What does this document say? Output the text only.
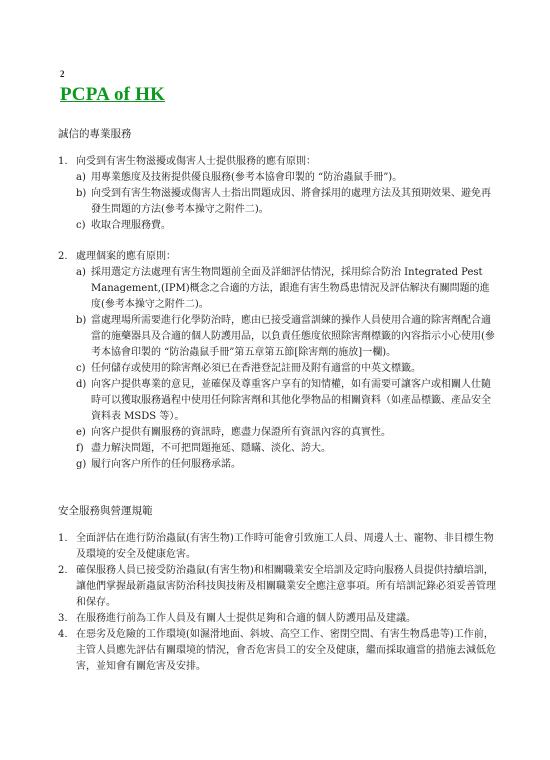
2
PCPA of HK
誠信的專業服務
1. 向受到有害生物滋擾或傷害人士提供服務的應有原則：
a) 用專業態度及技術提供優良服務(參考本協會印製的 “防治蟲鼠手冊”)。
b) 向受到有害生物滋擾或傷害人士指出問題成因、將會採用的處理方法及其預期效果、避免再發生問題的方法(參考本操守之附件二)。
c) 收取合理服務費。
2. 處理個案的應有原則：
a) 採用選定方法處理有害生物問題前全面及詳細評估情況，採用綜合防治 Integrated Pest Management,(IPM)概念之合適的方法，跟進有害生物爲患情況及評估解決有關問題的進度(參考本操守之附件二)。
b) 當處理場所需要進行化學防治時，應由已接受適當訓練的操作人員使用合適的除害劑配合適當的施藥器具及合適的個人防護用品，以負責任態度依照除害劑標籤的內容指示小心使用(參考本協會印製的 “防治蟲鼠手冊”第五章第五節[除害劑的施放]一欄)。
c) 任何儲存或使用的除害劑必須已在香港登記註冊及附有適當的中英文標籤。
d) 向客户提供專業的意見，並確保及尊重客户享有的知情權，如有需要可讓客户或相關人仕隨時可以獲取服務過程中使用任何除害劑和其他化學物品的相關資料（如產品標籤、產品安全資料表 MSDS 等）。
e) 向客户提供有關服務的資訊時，應盡力保證所有資訊內容的真實性。
f) 盡力解決問題，不可把問題拖延、隱瞞、淡化、誇大。
g) 履行向客户所作的任何服務承諾。
安全服務與營運規範
1. 全面評估在進行防治蟲鼠(有害生物)工作時可能會引致施工人員、周邊人士、寵物、非目標生物及環境的安全及健康危害。
2. 確保服務人員已接受防治蟲鼠(有害生物)和相關職業安全培訓及定時向服務人員提供持續培訓，讓他們掌握最新蟲鼠害防治科技與技術及相關職業安全應注意事項。所有培訓記錄必須妥善管理和保存。
3. 在服務進行前為工作人員及有關人士提供足夠和合適的個人防護用品及建議。
4. 在惡劣及危險的工作環境(如濕滑地面、斜坡、高空工作、密閉空間、有害生物爲患等)工作前，主管人員應先評估有關環境的情況，會否危害員工的安全及健康，繼而採取適當的措施去減低危害，並知會有關危害及安排。
